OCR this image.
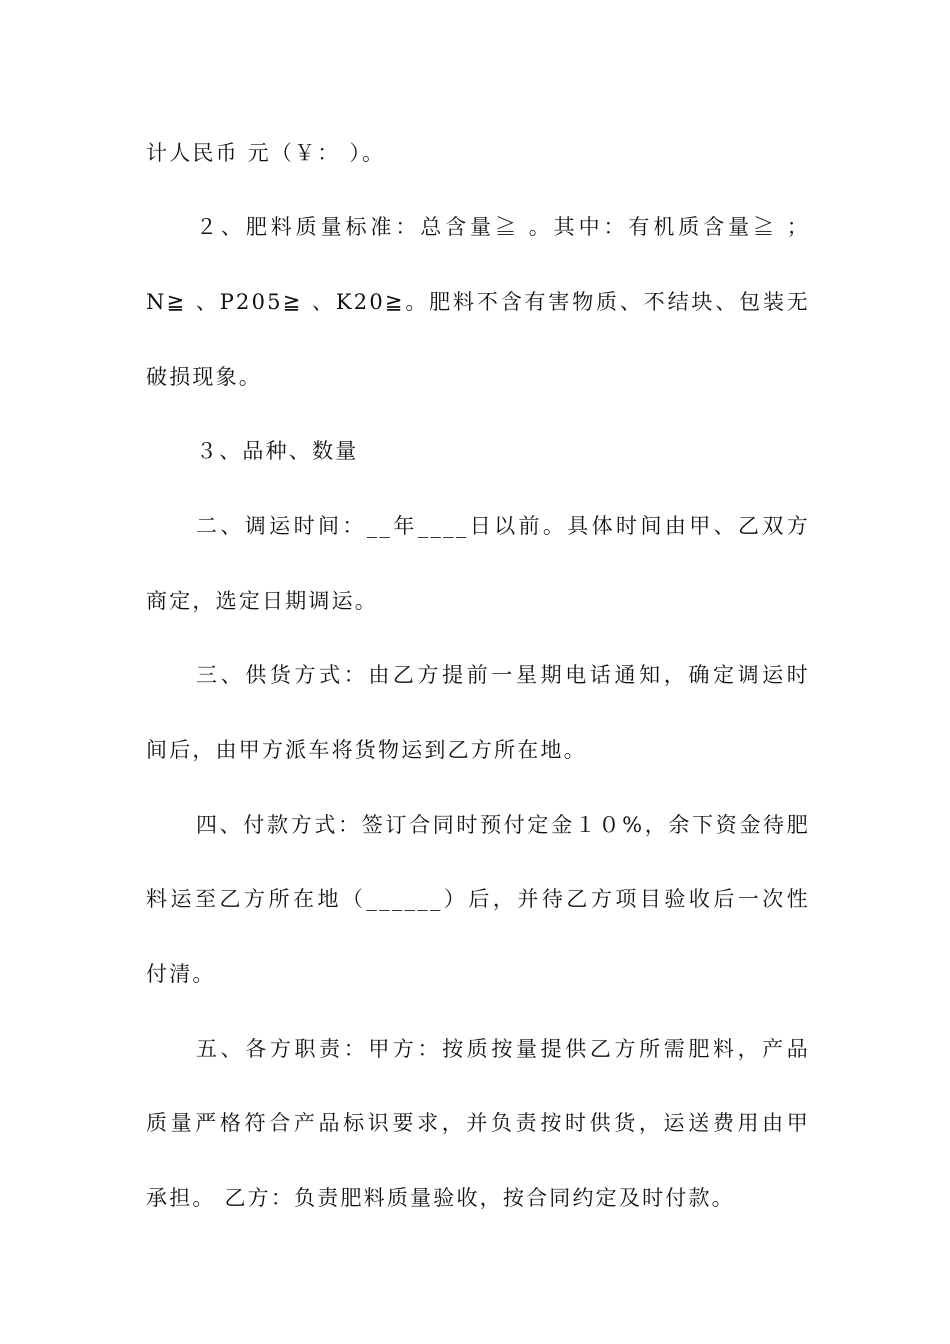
计人民币 元（￥： ）。
２、肥料质量标准：总含量≧ 。其中：有机质含量≧ ；
N≧ 、P205≧ 、K20≧。肥料不含有害物质、不结块、包装无
破损现象。
３、品种、数量
二、调运时间：__年____日以前。具体时间由甲、乙双方
商定，选定日期调运。
三、供货方式：由乙方提前一星期电话通知，确定调运时
间后，由甲方派车将货物运到乙方所在地。
四、付款方式：签订合同时预付定金１０%，余下资金待肥
料运至乙方所在地（______）后，并待乙方项目验收后一次性
付清。
五、各方职责：甲方：按质按量提供乙方所需肥料，产品
质量严格符合产品标识要求，并负责按时供货，运送费用由甲
承担。 乙方：负责肥料质量验收，按合同约定及时付款。
